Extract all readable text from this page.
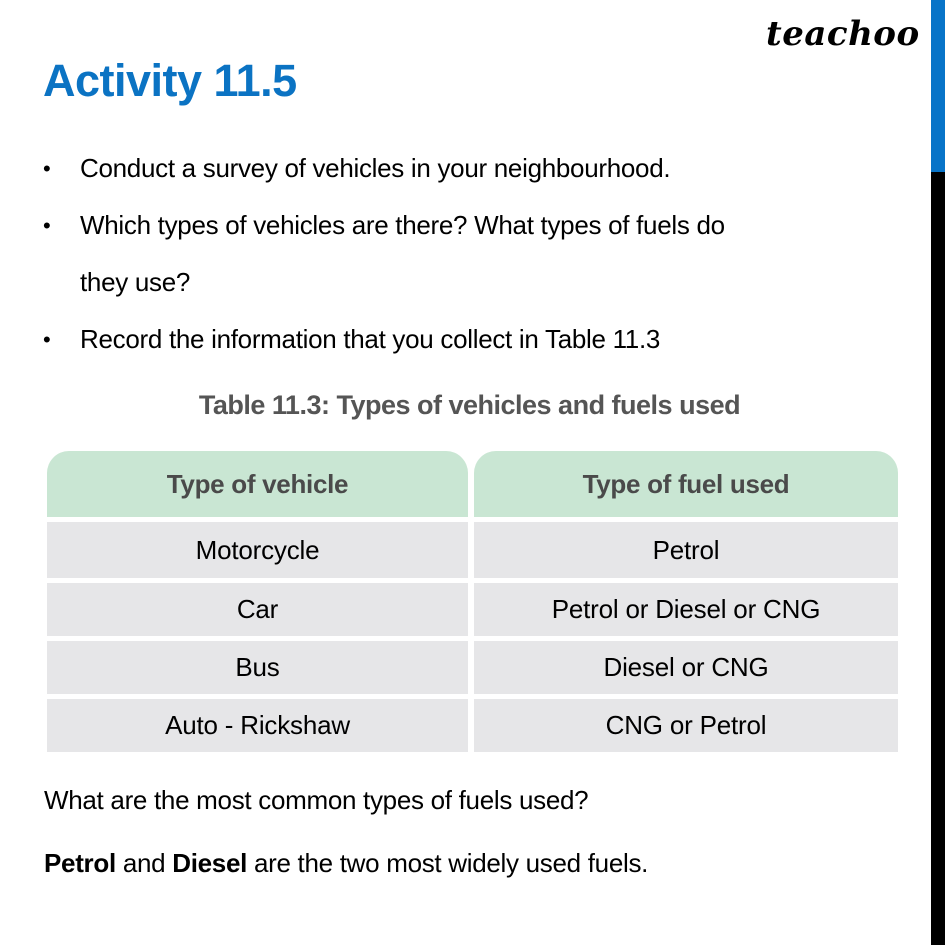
teachoo
Activity 11.5
• Conduct a survey of vehicles in your neighbourhood.
• Which types of vehicles are there? What types of fuels do
they use?
• Record the information that you collect in Table 11.3
Table 11.3: Types of vehicles and fuels used
Type of vehicle	Type of fuel used
Motorcycle	Petrol
Car	Petrol or Diesel or CNG
Bus	Diesel or CNG
Auto - Rickshaw	CNG or Petrol
What are the most common types of fuels used?
Petrol and Diesel are the two most widely used fuels.
